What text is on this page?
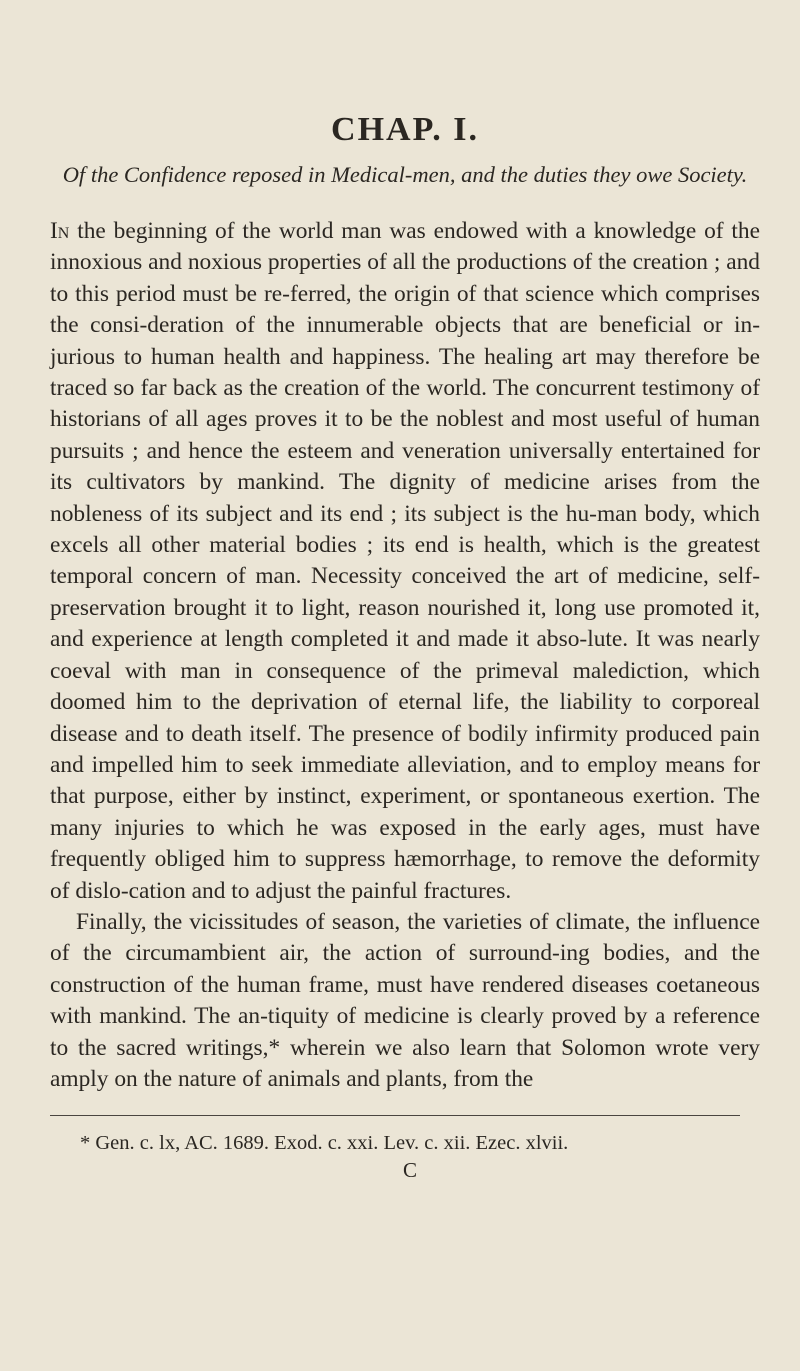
CHAP. I.
Of the Confidence reposed in Medical-men, and the duties they owe Society.

In the beginning of the world man was endowed with a knowledge of the innoxious and noxious properties of all the productions of the creation ; and to this period must be re-ferred, the origin of that science which comprises the consi-deration of the innumerable objects that are beneficial or in-jurious to human health and happiness. The healing art may therefore be traced so far back as the creation of the world. The concurrent testimony of historians of all ages proves it to be the noblest and most useful of human pursuits ; and hence the esteem and veneration universally entertained for its cultivators by mankind. The dignity of medicine arises from the nobleness of its subject and its end ; its subject is the hu-man body, which excels all other material bodies ; its end is health, which is the greatest temporal concern of man. Necessity conceived the art of medicine, self-preservation brought it to light, reason nourished it, long use promoted it, and experience at length completed it and made it abso-lute. It was nearly coeval with man in consequence of the primeval malediction, which doomed him to the deprivation of eternal life, the liability to corporeal disease and to death itself. The presence of bodily infirmity produced pain and impelled him to seek immediate alleviation, and to employ means for that purpose, either by instinct, experiment, or spontaneous exertion. The many injuries to which he was exposed in the early ages, must have frequently obliged him to suppress hæmorrhage, to remove the deformity of dislo-cation and to adjust the painful fractures.

Finally, the vicissitudes of season, the varieties of climate, the influence of the circumambient air, the action of surround-ing bodies, and the construction of the human frame, must have rendered diseases coetaneous with mankind. The an-tiquity of medicine is clearly proved by a reference to the sacred writings,* wherein we also learn that Solomon wrote very amply on the nature of animals and plants, from the

* Gen. c. lx, AC. 1689. Exod. c. xxi. Lev. c. xii. Ezec. xlvii.
C
